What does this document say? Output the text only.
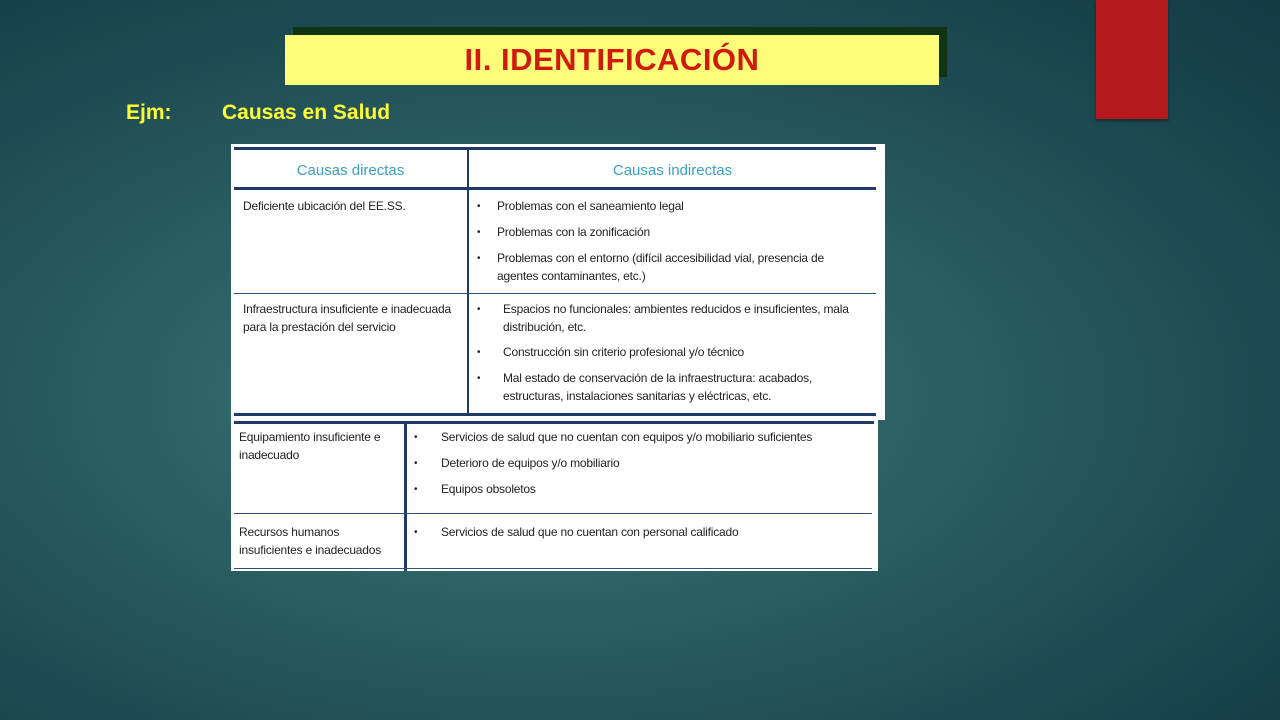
II. IDENTIFICACIÓN
Ejm: Causas en Salud
Causas directas	Causas indirectas
Deficiente ubicación del EE.SS.
•	Problemas con el saneamiento legal
• Problemas con la zonificación
• Problemas con el entorno (difícil accesibilidad vial, presencia de agentes contaminantes, etc.)
Infraestructura insuficiente e inadecuada para la prestación del servicio
• Espacios no funcionales: ambientes reducidos e insuficientes, mala distribución, etc.
• Construcción sin criterio profesional y/o técnico
• Mal estado de conservación de la infraestructura: acabados, estructuras, instalaciones sanitarias y eléctricas, etc.
Equipamiento insuficiente e inadecuado
• Servicios de salud que no cuentan con equipos y/o mobiliario suficientes
• Deterioro de equipos y/o mobiliario
• Equipos obsoletos
Recursos humanos insuficientes e inadecuados
• Servicios de salud que no cuentan con personal calificado
